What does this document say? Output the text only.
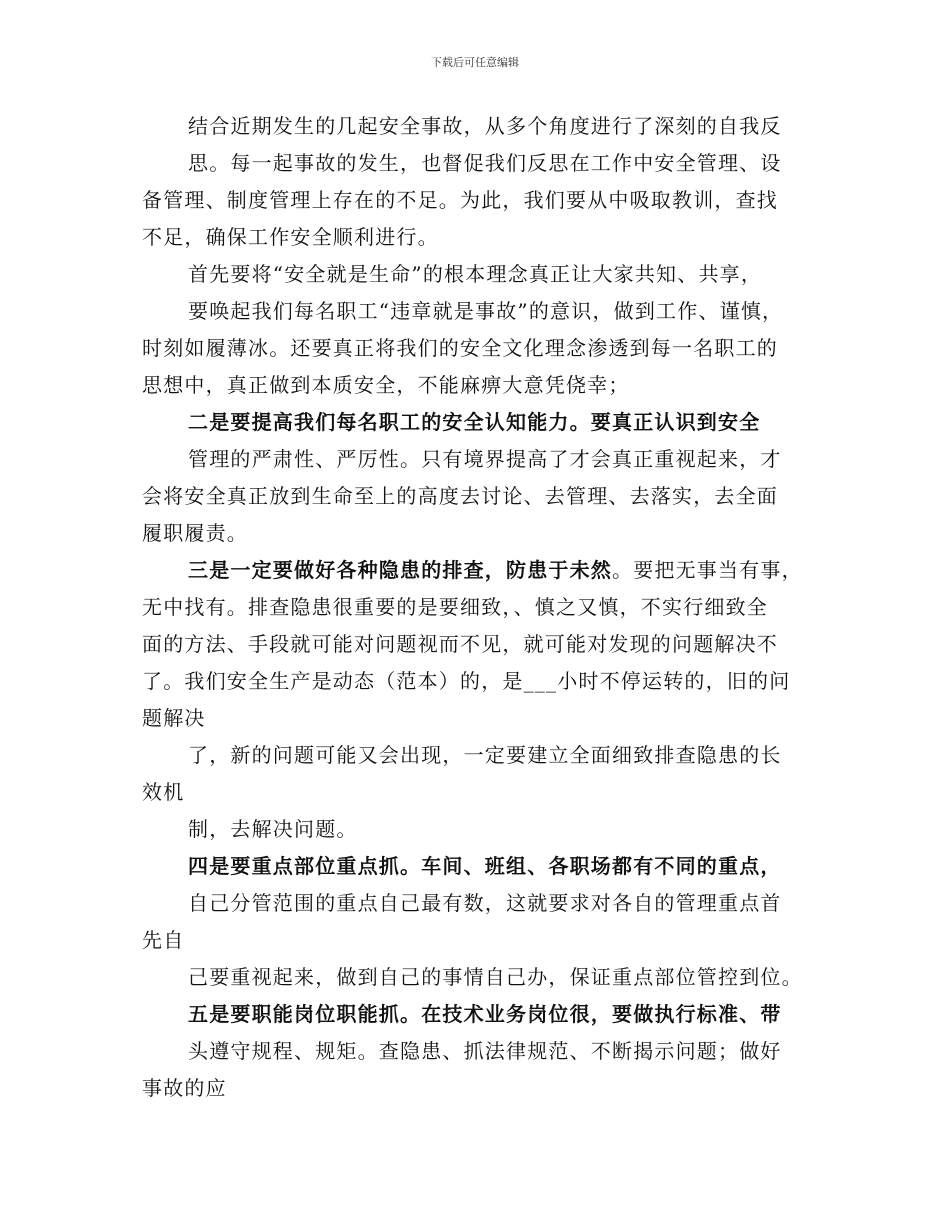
下载后可任意编辑
结合近期发生的几起安全事故，从多个角度进行了深刻的自我反
思。每一起事故的发生，也督促我们反思在工作中安全管理、设
备管理、制度管理上存在的不足。为此，我们要从中吸取教训，查找
不足，确保工作安全顺利进行。
首先要将“安全就是生命”的根本理念真正让大家共知、共享，
要唤起我们每名职工“违章就是事故”的意识，做到工作、谨慎，
时刻如履薄冰。还要真正将我们的安全文化理念渗透到每一名职工的
思想中，真正做到本质安全，不能麻痹大意凭侥幸；
二是要提高我们每名职工的安全认知能力。要真正认识到安全
管理的严肃性、严厉性。只有境界提高了才会真正重视起来，才
会将安全真正放到生命至上的高度去讨论、去管理、去落实，去全面
履职履责。
三是一定要做好各种隐患的排查，防患于未然。要把无事当有事，
无中找有。排查隐患很重要的是要细致，、慎之又慎，不实行细致全
面的方法、手段就可能对问题视而不见，就可能对发现的问题解决不
了。我们安全生产是动态（范本）的，是___小时不停运转的，旧的问
题解决
了，新的问题可能又会出现，一定要建立全面细致排查隐患的长
效机
制，去解决问题。
四是要重点部位重点抓。车间、班组、各职场都有不同的重点，
自己分管范围的重点自己最有数，这就要求对各自的管理重点首
先自
己要重视起来，做到自己的事情自己办，保证重点部位管控到位。
五是要职能岗位职能抓。在技术业务岗位很，要做执行标准、带
头遵守规程、规矩。查隐患、抓法律规范、不断揭示问题；做好
事故的应
